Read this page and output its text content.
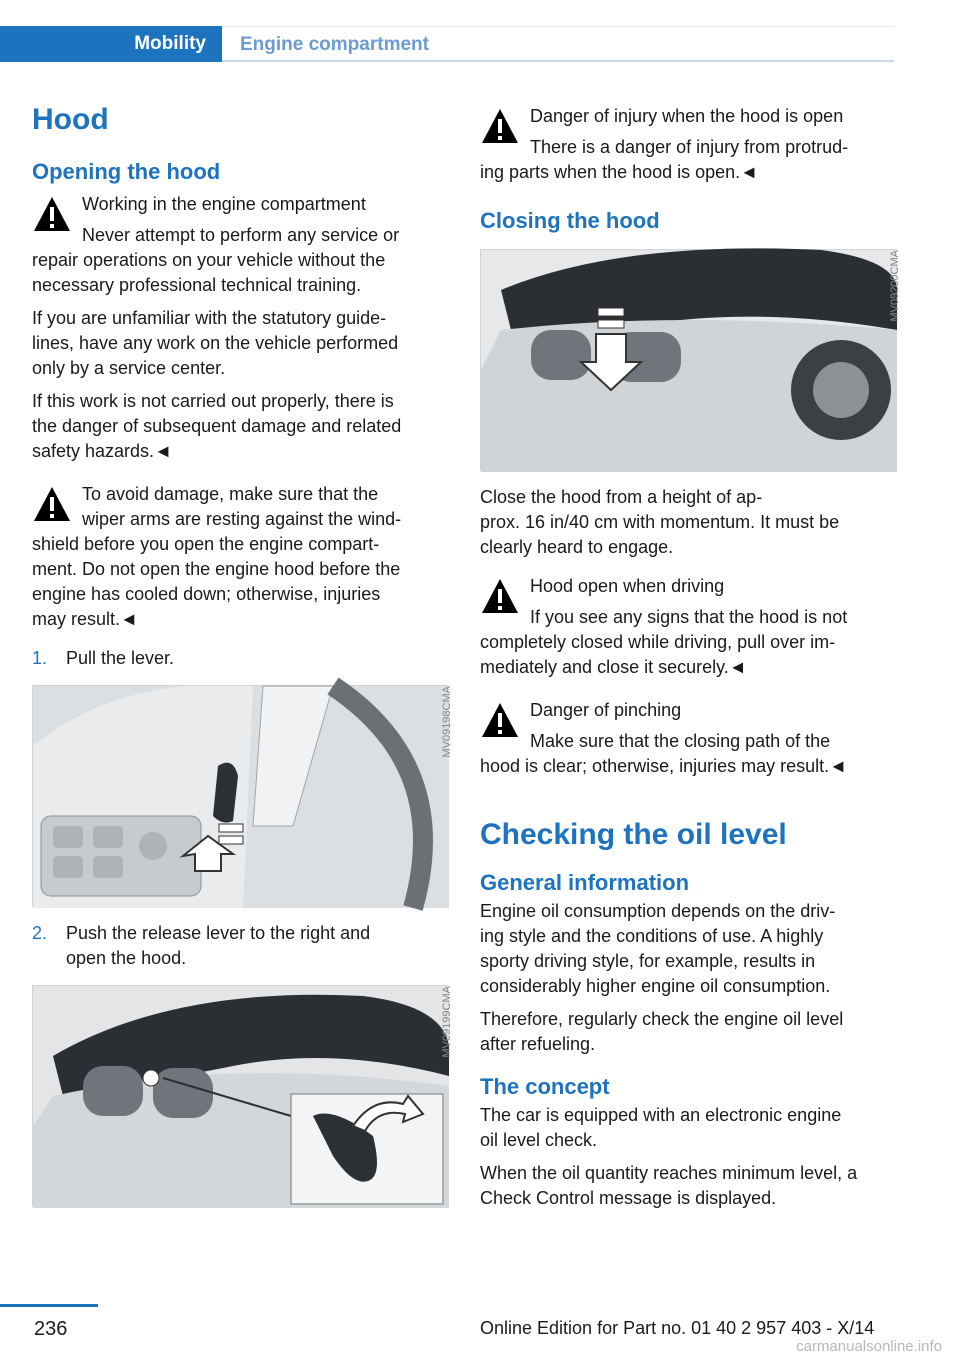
Mobility	Engine compartment
Hood
Opening the hood
Working in the engine compartment
Never attempt to perform any service or
repair operations on your vehicle without the
necessary professional technical training.
If you are unfamiliar with the statutory guide-
lines, have any work on the vehicle performed
only by a service center.
If this work is not carried out properly, there is
the danger of subsequent damage and related
safety hazards.◄
To avoid damage, make sure that the
wiper arms are resting against the wind-
shield before you open the engine compart-
ment. Do not open the engine hood before the
engine has cooled down; otherwise, injuries
may result.◄
1.	Pull the lever.
MV09198CMA
2.	Push the release lever to the right and
open the hood.
MV09199CMA
Danger of injury when the hood is open
There is a danger of injury from protrud-
ing parts when the hood is open.◄
Closing the hood
MV09200CMA
Close the hood from a height of ap-
prox. 16 in/40 cm with momentum. It must be
clearly heard to engage.
Hood open when driving
If you see any signs that the hood is not
completely closed while driving, pull over im-
mediately and close it securely.◄
Danger of pinching
Make sure that the closing path of the
hood is clear; otherwise, injuries may result.◄
Checking the oil level
General information
Engine oil consumption depends on the driv-
ing style and the conditions of use. A highly
sporty driving style, for example, results in
considerably higher engine oil consumption.
Therefore, regularly check the engine oil level
after refueling.
The concept
The car is equipped with an electronic engine
oil level check.
When the oil quantity reaches minimum level, a
Check Control message is displayed.
236	Online Edition for Part no. 01 40 2 957 403 - X/14
carmanualsonline.info
